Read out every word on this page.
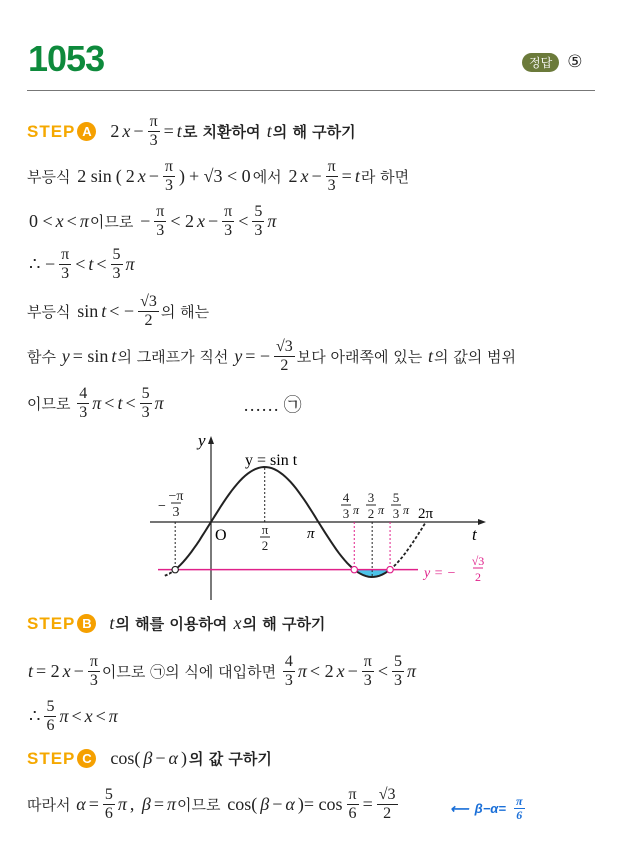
1053	정답 ⑤
STEP A 2 $x - \frac{\pi}{3} = t$ 로 치환하여 t 의 해 구하기
부등식 2 sin ( 2 $x - \frac{\pi}{3}$ ) + √3 < 0 에서 2 $x - \frac{\pi}{3} = t$ 라 하면
0 < x < π 이므로 − $\frac{\pi}{3} < 2$ $x - \frac{\pi}{3} < \frac{5}{3}$ π
∴ − $\frac{\pi}{3} < t < \frac{5}{3}$ π
부등식 sin t < − $\frac{√3}{2}$ 의 해는
함수 y = sin t 의 그래프가 직선 y = − $\frac{√3}{2}$ 보다 아래쪽에 있는 t 의 값의 범위
이므로 $\frac{4}{3}$ $\pi < t < \frac{5}{3}$ π …… ㉠
STEP B t 의 해를 이용하여 x 의 해 구하기
t = 2 $x - \frac{\pi}{3}$ 이므로 ㉠의 식에 대입하면 $\frac{4}{3}$ π < 2 $x - \frac{\pi}{3} < \frac{5}{3}$ π
∴ $\frac{5}{6}$ π < x < π
STEP C cos( β − α ) 의 값 구하기
따라서 $\alpha = \frac{5}{6}$ π , β = π 이므로 cos( β − α )= $\cos \frac{\pi}{6} = \frac{√3}{2}$
y
t
O
y = sin t
−π
3
−
π
2
π
2π
4
3 π
3
2 π
5
3 π
y = −
√3
2
⟵ $\beta-\alpha= \frac{\pi}{6}$
